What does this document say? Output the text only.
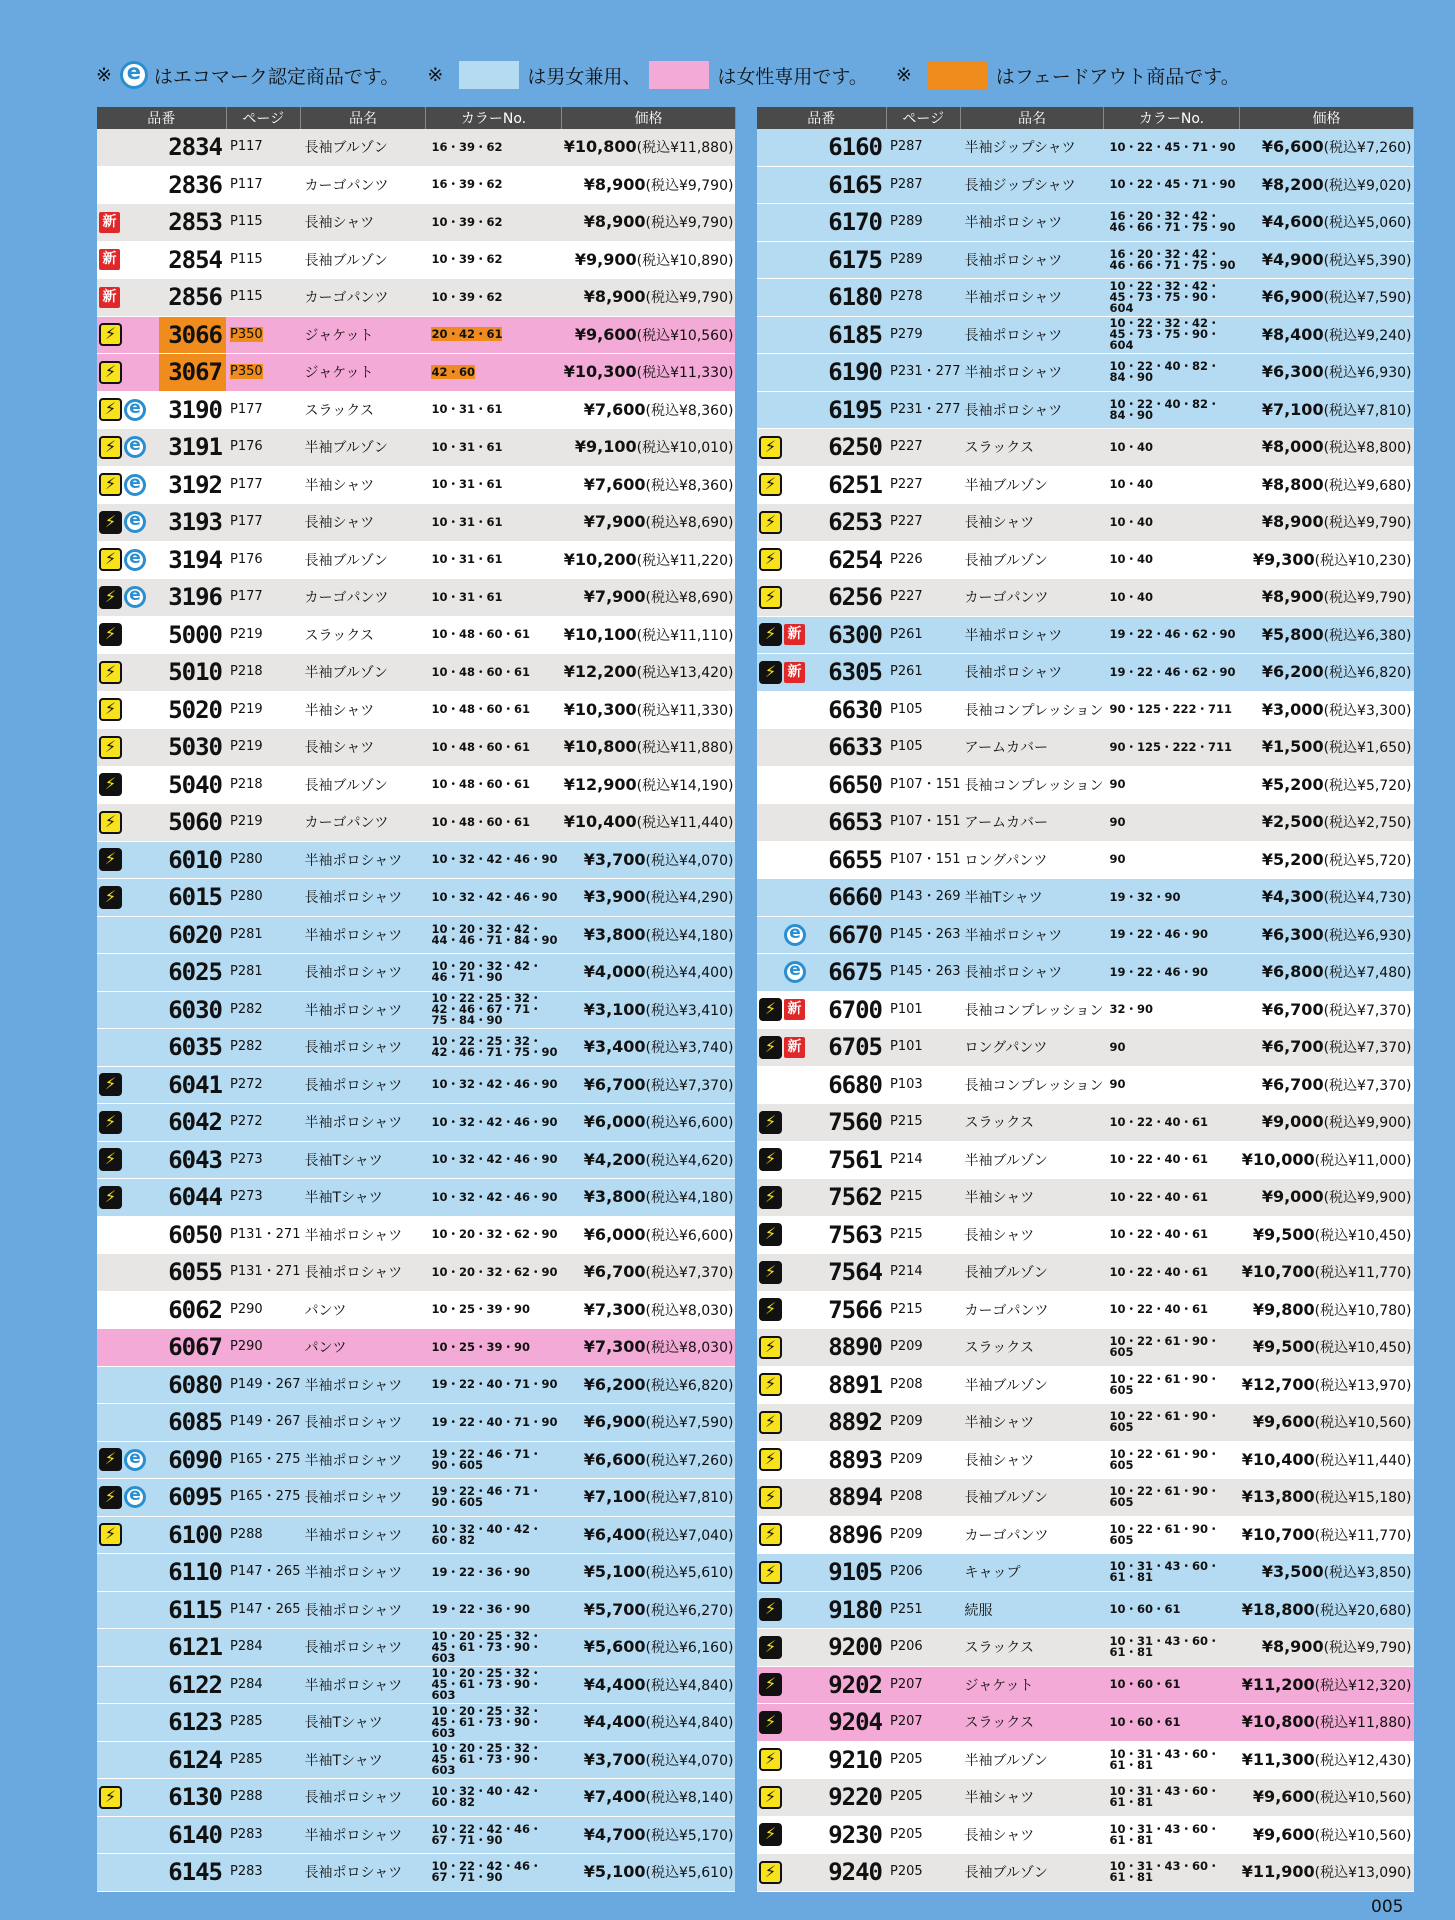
※ e はエコマーク認定商品です。 ※	は男女兼用、	は女性専用です。 ※	はフェードアウト商品です。
品番		ページ	品名	カラーNo.	価格

	2834	P117	長袖ブルゾン	16・39・62	¥10,800(税込¥11,880)

	2836	P117	カーゴパンツ	16・39・62	¥8,900(税込¥9,790)

新	2853	P115	長袖シャツ	10・39・62	¥8,900(税込¥9,790)

新	2854	P115	長袖ブルゾン	10・39・62	¥9,900(税込¥10,890)

新	2856	P115	カーゴパンツ	10・39・62	¥8,900(税込¥9,790)

⚡
	3066	P350	ジャケット	20・42・61	¥9,600(税込¥10,560)

⚡
	3067	P350	ジャケット	42・60	¥10,300(税込¥11,330)

⚡
e
	3190	P177	スラックス	10・31・61	¥7,600(税込¥8,360)

⚡
e
	3191	P176	半袖ブルゾン	10・31・61	¥9,100(税込¥10,010)

⚡
e
	3192	P177	半袖シャツ	10・31・61	¥7,600(税込¥8,360)

⚡
e
	3193	P177	長袖シャツ	10・31・61	¥7,900(税込¥8,690)

⚡
e
	3194	P176	長袖ブルゾン	10・31・61	¥10,200(税込¥11,220)

⚡
e
	3196	P177	カーゴパンツ	10・31・61	¥7,900(税込¥8,690)

⚡
	5000	P219	スラックス	10・48・60・61	¥10,100(税込¥11,110)

⚡
	5010	P218	半袖ブルゾン	10・48・60・61	¥12,200(税込¥13,420)

⚡
	5020	P219	半袖シャツ	10・48・60・61	¥10,300(税込¥11,330)

⚡
	5030	P219	長袖シャツ	10・48・60・61	¥10,800(税込¥11,880)

⚡
	5040	P218	長袖ブルゾン	10・48・60・61	¥12,900(税込¥14,190)

⚡
	5060	P219	カーゴパンツ	10・48・60・61	¥10,400(税込¥11,440)

⚡
	6010	P280	半袖ポロシャツ	10・32・42・46・90	¥3,700(税込¥4,070)

⚡
	6015	P280	長袖ポロシャツ	10・32・42・46・90	¥3,900(税込¥4,290)

	6020	P281	半袖ポロシャツ	10・20・32・42・44・46・71・84・90	¥3,800(税込¥4,180)

	6025	P281	長袖ポロシャツ	10・20・32・42・46・71・90	¥4,000(税込¥4,400)

	6030	P282	半袖ポロシャツ	10・22・25・32・42・46・67・71・75・84・90	¥3,100(税込¥3,410)

	6035	P282	長袖ポロシャツ	10・22・25・32・42・46・71・75・90	¥3,400(税込¥3,740)

⚡
	6041	P272	長袖ポロシャツ	10・32・42・46・90	¥6,700(税込¥7,370)

⚡
	6042	P272	半袖ポロシャツ	10・32・42・46・90	¥6,000(税込¥6,600)

⚡
	6043	P273	長袖Tシャツ	10・32・42・46・90	¥4,200(税込¥4,620)

⚡
	6044	P273	半袖Tシャツ	10・32・42・46・90	¥3,800(税込¥4,180)

	6050	P131・271	半袖ポロシャツ	10・20・32・62・90	¥6,000(税込¥6,600)

	6055	P131・271	長袖ポロシャツ	10・20・32・62・90	¥6,700(税込¥7,370)

	6062	P290	パンツ	10・25・39・90	¥7,300(税込¥8,030)

	6067	P290	パンツ	10・25・39・90	¥7,300(税込¥8,030)

	6080	P149・267	半袖ポロシャツ	19・22・40・71・90	¥6,200(税込¥6,820)

	6085	P149・267	長袖ポロシャツ	19・22・40・71・90	¥6,900(税込¥7,590)

⚡
e
	6090	P165・275	半袖ポロシャツ	19・22・46・71・90・605	¥6,600(税込¥7,260)

⚡
e
	6095	P165・275	長袖ポロシャツ	19・22・46・71・90・605	¥7,100(税込¥7,810)

⚡
	6100	P288	半袖ポロシャツ	10・32・40・42・60・82	¥6,400(税込¥7,040)

	6110	P147・265	半袖ポロシャツ	19・22・36・90	¥5,100(税込¥5,610)

	6115	P147・265	長袖ポロシャツ	19・22・36・90	¥5,700(税込¥6,270)

	6121	P284	長袖ポロシャツ	10・20・25・32・45・61・73・90・603	¥5,600(税込¥6,160)

	6122	P284	半袖ポロシャツ	10・20・25・32・45・61・73・90・603	¥4,400(税込¥4,840)

	6123	P285	長袖Tシャツ	10・20・25・32・45・61・73・90・603	¥4,400(税込¥4,840)

	6124	P285	半袖Tシャツ	10・20・25・32・45・61・73・90・603	¥3,700(税込¥4,070)

⚡
	6130	P288	長袖ポロシャツ	10・32・40・42・60・82	¥7,400(税込¥8,140)

	6140	P283	半袖ポロシャツ	10・22・42・46・67・71・90	¥4,700(税込¥5,170)

	6145	P283	長袖ポロシャツ	10・22・42・46・67・71・90	¥5,100(税込¥5,610)
品番		ページ	品名	カラーNo.	価格

	6160	P287	半袖ジップシャツ	10・22・45・71・90	¥6,600(税込¥7,260)

	6165	P287	長袖ジップシャツ	10・22・45・71・90	¥8,200(税込¥9,020)

	6170	P289	半袖ポロシャツ	16・20・32・42・46・66・71・75・90	¥4,600(税込¥5,060)

	6175	P289	長袖ポロシャツ	16・20・32・42・46・66・71・75・90	¥4,900(税込¥5,390)

	6180	P278	半袖ポロシャツ	10・22・32・42・45・73・75・90・604	¥6,900(税込¥7,590)

	6185	P279	長袖ポロシャツ	10・22・32・42・45・73・75・90・604	¥8,400(税込¥9,240)

	6190	P231・277	半袖ポロシャツ	10・22・40・82・84・90	¥6,300(税込¥6,930)

	6195	P231・277	長袖ポロシャツ	10・22・40・82・84・90	¥7,100(税込¥7,810)

⚡
	6250	P227	スラックス	10・40	¥8,000(税込¥8,800)

⚡
	6251	P227	半袖ブルゾン	10・40	¥8,800(税込¥9,680)

⚡
	6253	P227	長袖シャツ	10・40	¥8,900(税込¥9,790)

⚡
	6254	P226	長袖ブルゾン	10・40	¥9,300(税込¥10,230)

⚡
	6256	P227	カーゴパンツ	10・40	¥8,900(税込¥9,790)

⚡
新	6300	P261	半袖ポロシャツ	19・22・46・62・90	¥5,800(税込¥6,380)

⚡
新	6305	P261	長袖ポロシャツ	19・22・46・62・90	¥6,200(税込¥6,820)

	6630	P105	長袖コンプレッション	90・125・222・711	¥3,000(税込¥3,300)

	6633	P105	アームカバー	90・125・222・711	¥1,500(税込¥1,650)

	6650	P107・151	長袖コンプレッション	90	¥5,200(税込¥5,720)

	6653	P107・151	アームカバー	90	¥2,500(税込¥2,750)

	6655	P107・151	ロングパンツ	90	¥5,200(税込¥5,720)

	6660	P143・269	半袖Tシャツ	19・32・90	¥4,300(税込¥4,730)

e
	6670	P145・263	半袖ポロシャツ	19・22・46・90	¥6,300(税込¥6,930)

e
	6675	P145・263	長袖ポロシャツ	19・22・46・90	¥6,800(税込¥7,480)

⚡
新	6700	P101	長袖コンプレッション	32・90	¥6,700(税込¥7,370)

⚡
新	6705	P101	ロングパンツ	90	¥6,700(税込¥7,370)

	6680	P103	長袖コンプレッション	90	¥6,700(税込¥7,370)

⚡
	7560	P215	スラックス	10・22・40・61	¥9,000(税込¥9,900)

⚡
	7561	P214	半袖ブルゾン	10・22・40・61	¥10,000(税込¥11,000)

⚡
	7562	P215	半袖シャツ	10・22・40・61	¥9,000(税込¥9,900)

⚡
	7563	P215	長袖シャツ	10・22・40・61	¥9,500(税込¥10,450)

⚡
	7564	P214	長袖ブルゾン	10・22・40・61	¥10,700(税込¥11,770)

⚡
	7566	P215	カーゴパンツ	10・22・40・61	¥9,800(税込¥10,780)

⚡
	8890	P209	スラックス	10・22・61・90・605	¥9,500(税込¥10,450)

⚡
	8891	P208	半袖ブルゾン	10・22・61・90・605	¥12,700(税込¥13,970)

⚡
	8892	P209	半袖シャツ	10・22・61・90・605	¥9,600(税込¥10,560)

⚡
	8893	P209	長袖シャツ	10・22・61・90・605	¥10,400(税込¥11,440)

⚡
	8894	P208	長袖ブルゾン	10・22・61・90・605	¥13,800(税込¥15,180)

⚡
	8896	P209	カーゴパンツ	10・22・61・90・605	¥10,700(税込¥11,770)

⚡
	9105	P206	キャップ	10・31・43・60・61・81	¥3,500(税込¥3,850)

⚡
	9180	P251	続服	10・60・61	¥18,800(税込¥20,680)

⚡
	9200	P206	スラックス	10・31・43・60・61・81	¥8,900(税込¥9,790)

⚡
	9202	P207	ジャケット	10・60・61	¥11,200(税込¥12,320)

⚡
	9204	P207	スラックス	10・60・61	¥10,800(税込¥11,880)

⚡
	9210	P205	半袖ブルゾン	10・31・43・60・61・81	¥11,300(税込¥12,430)

⚡
	9220	P205	半袖シャツ	10・31・43・60・61・81	¥9,600(税込¥10,560)

⚡
	9230	P205	長袖シャツ	10・31・43・60・61・81	¥9,600(税込¥10,560)

⚡
	9240	P205	長袖ブルゾン	10・31・43・60・61・81	¥11,900(税込¥13,090)
005
